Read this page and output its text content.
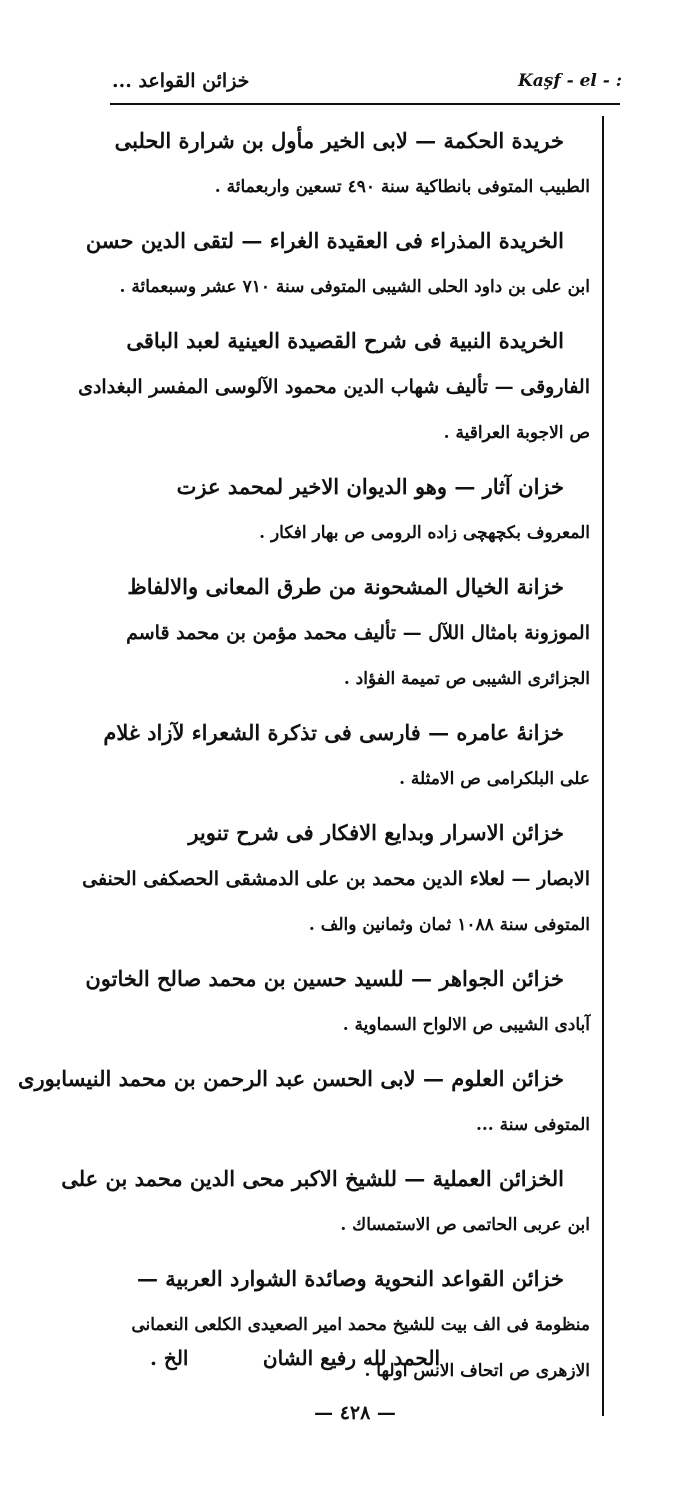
خزائن القواعد ...	Kaşf - el - :
خريدة الحكمة — لابى الخير مأول بن شرارة الحلبى
الطبيب المتوفى بانطاكية سنة ٤٩٠ تسعين واربعمائة .
الخريدة المذراء فى العقيدة الغراء — لتقى الدين حسن
ابن على بن داود الحلى الشيبى المتوفى سنة ٧١٠ عشر وسبعمائة .
الخريدة النبية فى شرح القصيدة العينية لعبد الباقى
الفاروقى — تأليف شهاب الدين محمود الآلوسى المفسر البغدادى
ص الاجوبة العراقية .
خزان آثار — وهو الديوان الاخير لمحمد عزت
المعروف بكچهچى زاده الرومى ص بهار افكار .
خزانة الخيال المشحونة من طرق المعانى والالفاظ
الموزونة بامثال اللآل — تأليف محمد مؤمن بن محمد قاسم
الجزائرى الشيبى ص تميمة الفؤاد .
خزانهٔ عامره — فارسى فى تذكرة الشعراء لآزاد غلام
على البلكرامى ص الامثلة .
خزائن الاسرار وبدايع الافكار فى شرح تنوير
الابصار — لعلاء الدين محمد بن على الدمشقى الحصكفى الحنفى
المتوفى سنة ١٠٨٨ ثمان وثمانين والف .
خزائن الجواهر — للسيد حسين بن محمد صالح الخاتون
آبادى الشيبى ص الالواح السماوية .
خزائن العلوم — لابى الحسن عبد الرحمن بن محمد النيسابورى
المتوفى سنة ...
الخزائن العملية — للشيخ الاكبر محى الدين محمد بن على
ابن عربى الحاتمى ص الاستمساك .
خزائن القواعد النحوية وصائدة الشوارد العربية —
منظومة فى الف بيت للشيخ محمد امير الصعيدى الكلعى النعمانى
الازهرى ص اتحاف الانس اولها .
الحمد لله رفيع الشان
الخ .
— ٤٢٨ —
